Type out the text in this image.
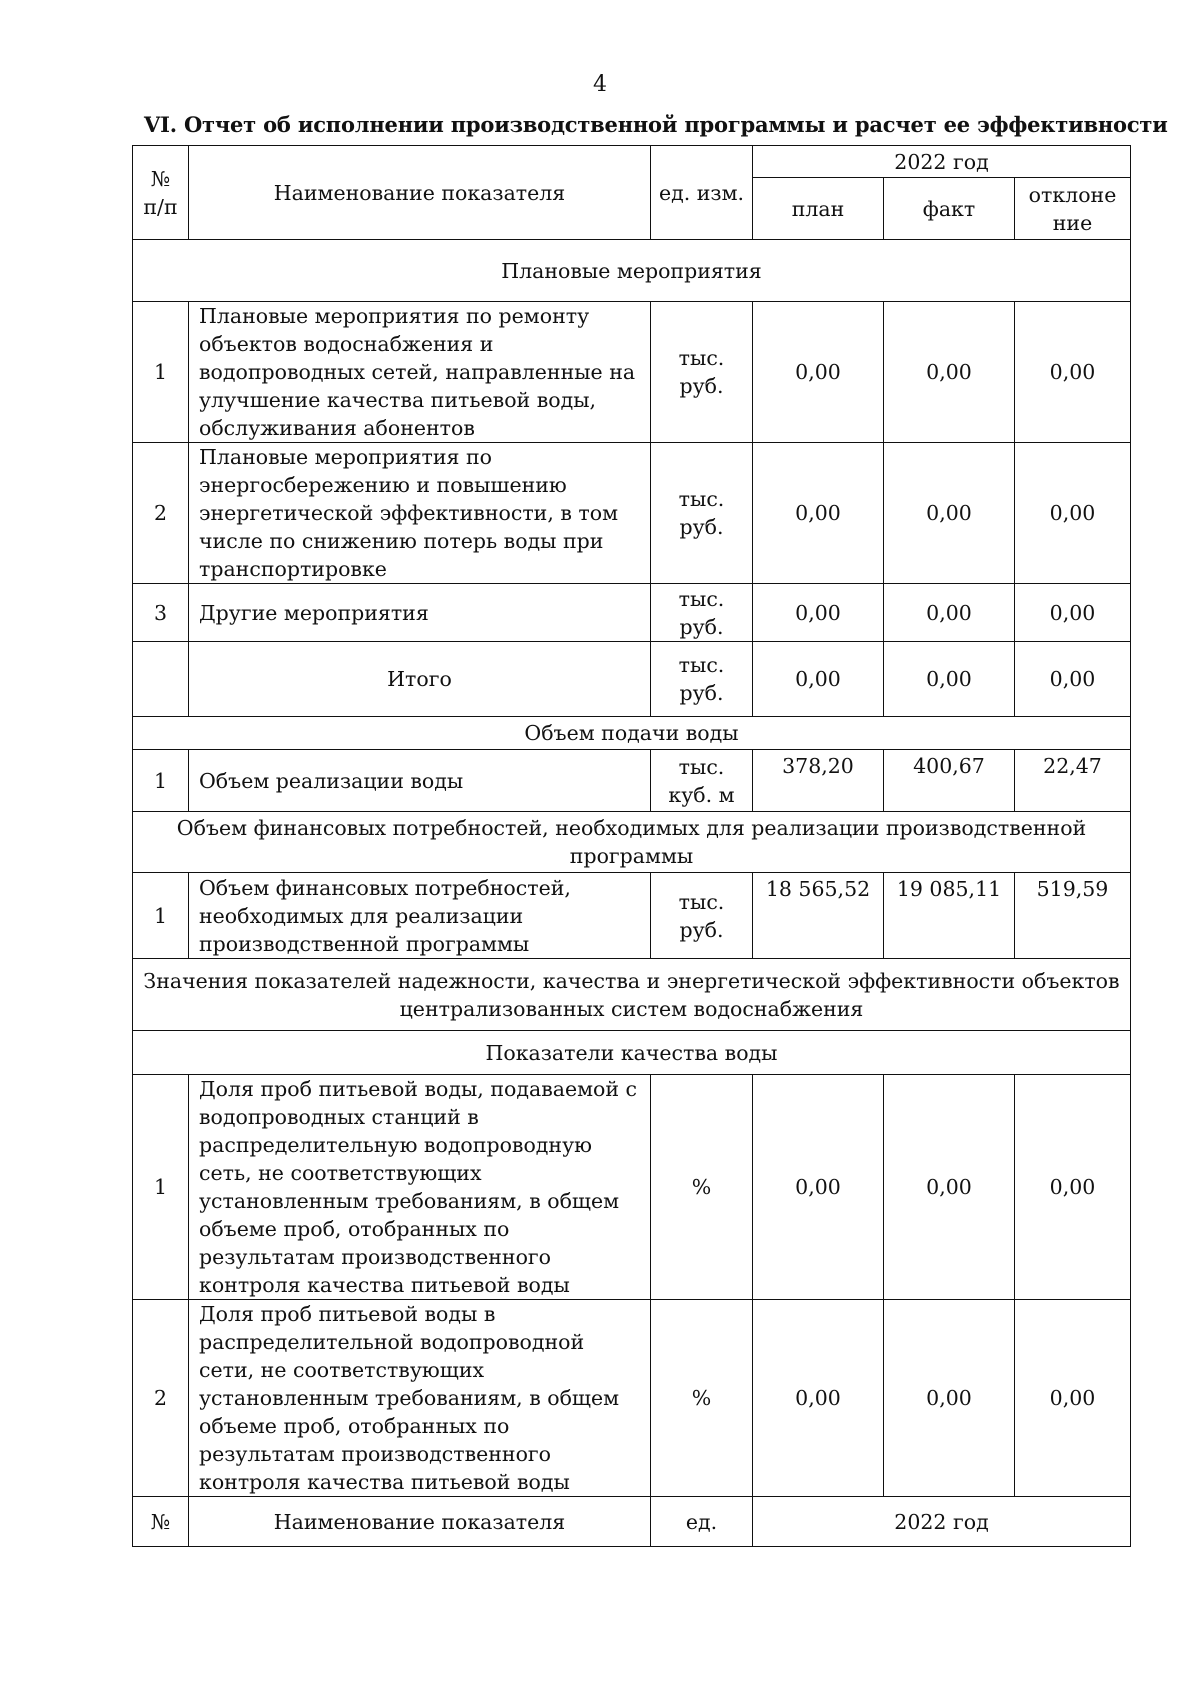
4
VI. Отчет об исполнении производственной программы и расчет ее эффективности
№ п/п	Наименование показателя	ед. изм.	2022 год		
			план	факт	отклоне ние
Плановые мероприятия					
1	Плановые мероприятия по ремонту объектов водоснабжения и водопроводных сетей, направленные на улучшение качества питьевой воды, обслуживания абонентов	тыс. руб.	0,00	0,00	0,00
2	Плановые мероприятия по энергосбережению и повышению энергетической эффективности, в том числе по снижению потерь воды при транспортировке	тыс. руб.	0,00	0,00	0,00
3	Другие мероприятия	тыс. руб.	0,00	0,00	0,00
	Итого	тыс. руб.	0,00	0,00	0,00
Объем подачи воды					
1	Объем реализации воды	тыс. куб. м	378,20	400,67	22,47
Объем финансовых потребностей, необходимых для реализации производственной программы					
1	Объем финансовых потребностей, необходимых для реализации производственной программы	тыс. руб.	18 565,52	19 085,11	519,59
Значения показателей надежности, качества и энергетической эффективности объектов централизованных систем водоснабжения					
Показатели качества воды					
1	Доля проб питьевой воды, подаваемой с водопроводных станций в распределительную водопроводную сеть, не соответствующих установленным требованиям, в общем объеме проб, отобранных по результатам производственного контроля качества питьевой воды	%	0,00	0,00	0,00
2	Доля проб питьевой воды в распределительной водопроводной сети, не соответствующих установленным требованиям, в общем объеме проб, отобранных по результатам производственного контроля качества питьевой воды	%	0,00	0,00	0,00
№	Наименование показателя	ед.	2022 год		
